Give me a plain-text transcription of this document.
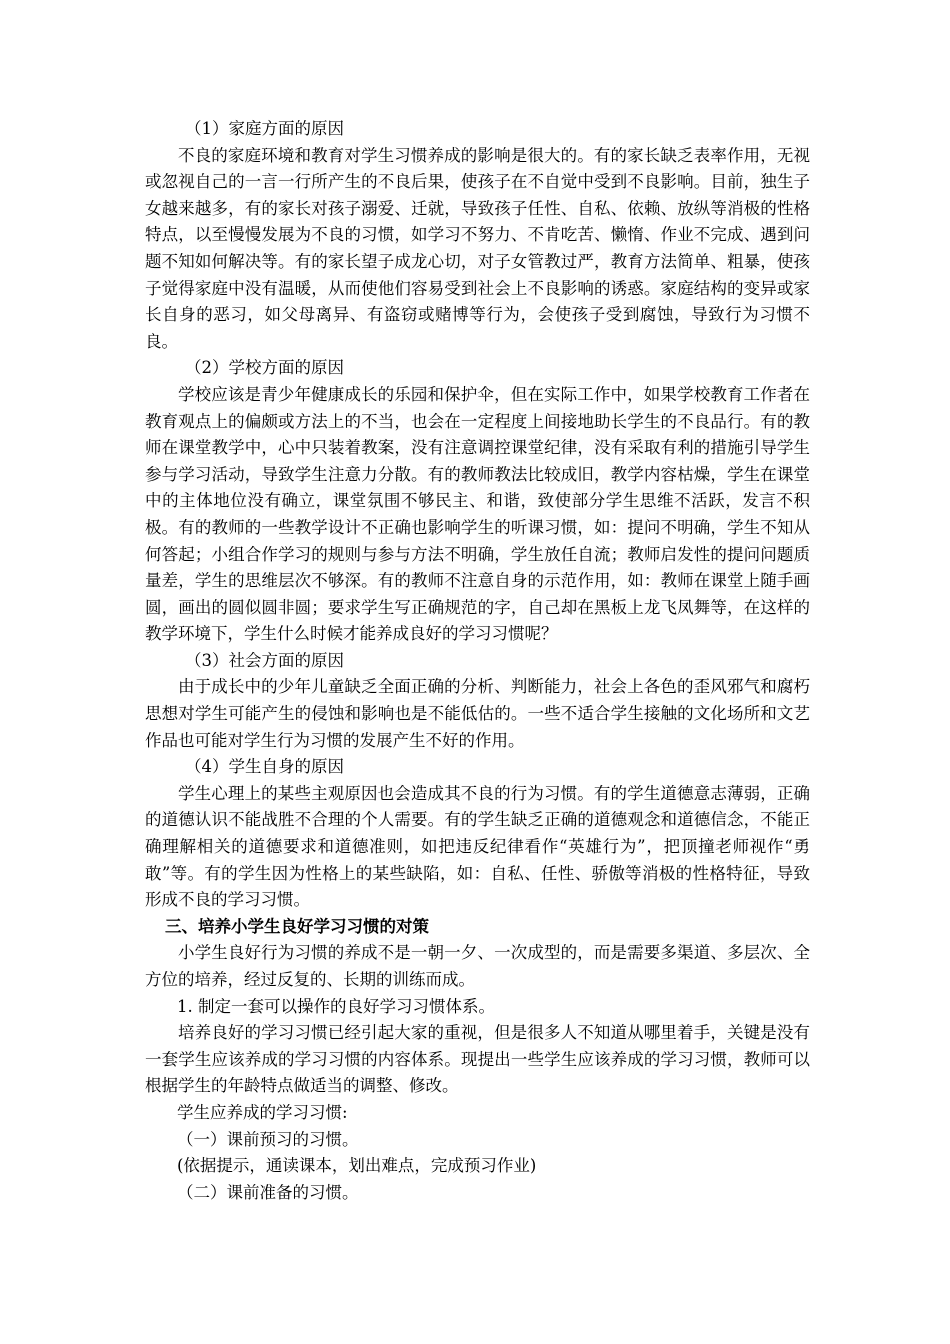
（1）家庭方面的原因

不良的家庭环境和教育对学生习惯养成的影响是很大的。有的家长缺乏表率作用，无视或忽视自己的一言一行所产生的不良后果，使孩子在不自觉中受到不良影响。目前，独生子女越来越多，有的家长对孩子溺爱、迁就，导致孩子任性、自私、依赖、放纵等消极的性格特点，以至慢慢发展为不良的习惯，如学习不努力、不肯吃苦、懒惰、作业不完成、遇到问题不知如何解决等。有的家长望子成龙心切，对子女管教过严，教育方法简单、粗暴，使孩子觉得家庭中没有温暖，从而使他们容易受到社会上不良影响的诱惑。家庭结构的变异或家长自身的恶习，如父母离异、有盗窃或赌博等行为，会使孩子受到腐蚀，导致行为习惯不良。

（2）学校方面的原因

学校应该是青少年健康成长的乐园和保护伞，但在实际工作中，如果学校教育工作者在教育观点上的偏颇或方法上的不当，也会在一定程度上间接地助长学生的不良品行。有的教师在课堂教学中，心中只装着教案，没有注意调控课堂纪律，没有采取有利的措施引导学生参与学习活动，导致学生注意力分散。有的教师教法比较成旧，教学内容枯燥，学生在课堂中的主体地位没有确立，课堂氛围不够民主、和谐，致使部分学生思维不活跃，发言不积极。有的教师的一些教学设计不正确也影响学生的听课习惯，如：提问不明确，学生不知从何答起；小组合作学习的规则与参与方法不明确，学生放任自流；教师启发性的提问问题质量差，学生的思维层次不够深。有的教师不注意自身的示范作用，如：教师在课堂上随手画圆，画出的圆似圆非圆；要求学生写正确规范的字，自己却在黑板上龙飞凤舞等，在这样的教学环境下，学生什么时候才能养成良好的学习习惯呢？

（3）社会方面的原因

由于成长中的少年儿童缺乏全面正确的分析、判断能力，社会上各色的歪风邪气和腐朽思想对学生可能产生的侵蚀和影响也是不能低估的。一些不适合学生接触的文化场所和文艺作品也可能对学生行为习惯的发展产生不好的作用。

（4）学生自身的原因

学生心理上的某些主观原因也会造成其不良的行为习惯。有的学生道德意志薄弱，正确的道德认识不能战胜不合理的个人需要。有的学生缺乏正确的道德观念和道德信念，不能正确理解相关的道德要求和道德准则，如把违反纪律看作“英雄行为”，把顶撞老师视作“勇敢”等。有的学生因为性格上的某些缺陷，如：自私、任性、骄傲等消极的性格特征，导致形成不良的学习习惯。

三、培养小学生良好学习习惯的对策

小学生良好行为习惯的养成不是一朝一夕、一次成型的，而是需要多渠道、多层次、全方位的培养，经过反复的、长期的训练而成。

1. 制定一套可以操作的良好学习习惯体系。

培养良好的学习习惯已经引起大家的重视，但是很多人不知道从哪里着手，关键是没有一套学生应该养成的学习习惯的内容体系。现提出一些学生应该养成的学习习惯，教师可以根据学生的年龄特点做适当的调整、修改。

学生应养成的学习习惯:

（一）课前预习的习惯。

(依据提示，通读课本，划出难点，完成预习作业)

（二）课前准备的习惯。
